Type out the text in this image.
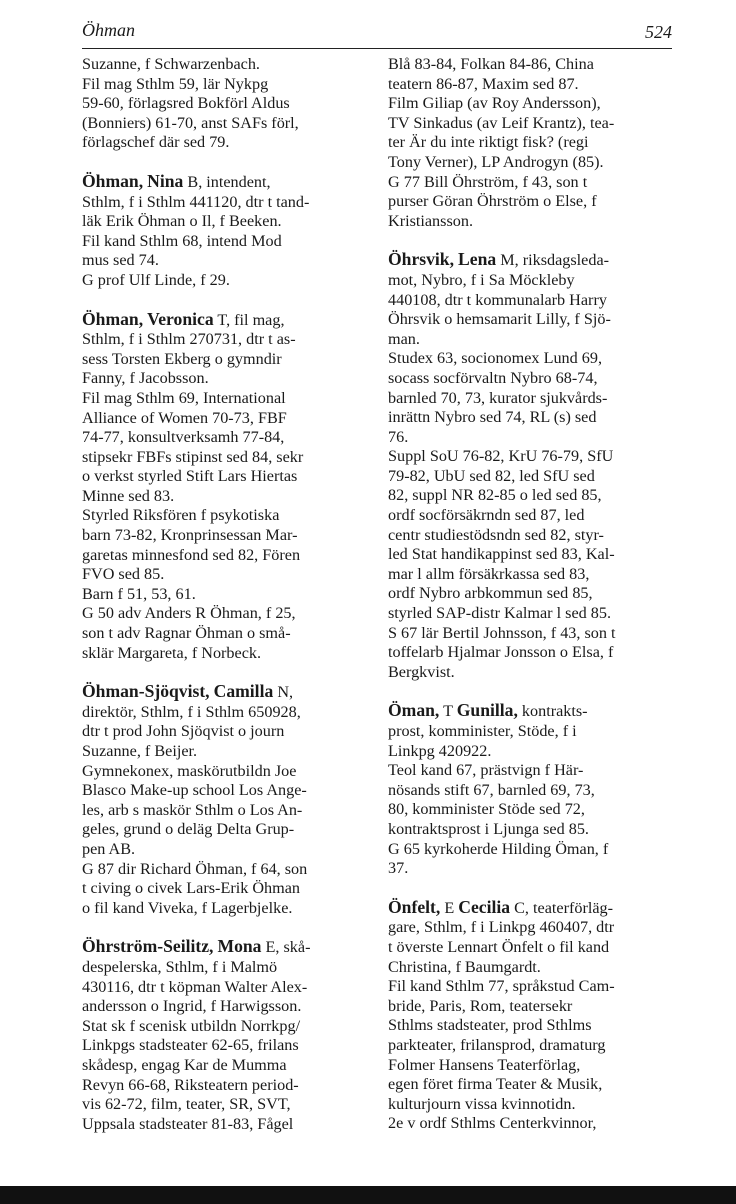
Öhman	524
Suzanne, f Schwarzenbach.
Fil mag Sthlm 59, lär Nykpg
59-60, förlagsred Bokförl Aldus
(Bonniers) 61-70, anst SAFs förl,
förlagschef där sed 79.
Öhman, Nina B, intendent,
Sthlm, f i Sthlm 441120, dtr t tand-
läk Erik Öhman o Il, f Beeken.
Fil kand Sthlm 68, intend Mod
mus sed 74.
G prof Ulf Linde, f 29.
Öhman, Veronica T, fil mag,
Sthlm, f i Sthlm 270731, dtr t as-
sess Torsten Ekberg o gymndir
Fanny, f Jacobsson.
Fil mag Sthlm 69, International
Alliance of Women 70-73, FBF
74-77, konsultverksamh 77-84,
stipsekr FBFs stipinst sed 84, sekr
o verkst styrled Stift Lars Hiertas
Minne sed 83.
Styrled Riksfören f psykotiska
barn 73-82, Kronprinsessan Mar-
garetas minnesfond sed 82, Fören
FVO sed 85.
Barn f 51, 53, 61.
G 50 adv Anders R Öhman, f 25,
son t adv Ragnar Öhman o små-
sklär Margareta, f Norbeck.
Öhman-Sjöqvist, Camilla N,
direktör, Sthlm, f i Sthlm 650928,
dtr t prod John Sjöqvist o journ
Suzanne, f Beijer.
Gymnekonex, maskörutbildn Joe
Blasco Make-up school Los Ange-
les, arb s maskör Sthlm o Los An-
geles, grund o deläg Delta Grup-
pen AB.
G 87 dir Richard Öhman, f 64, son
t civing o civek Lars-Erik Öhman
o fil kand Viveka, f Lagerbjelke.
Öhrström-Seilitz, Mona E, skå-
despelerska, Sthlm, f i Malmö
430116, dtr t köpman Walter Alex-
andersson o Ingrid, f Harwigsson.
Stat sk f scenisk utbildn Norrkpg/
Linkpgs stadsteater 62-65, frilans
skådesp, engag Kar de Mumma
Revyn 66-68, Riksteatern period-
vis 62-72, film, teater, SR, SVT,
Uppsala stadsteater 81-83, Fågel
Blå 83-84, Folkan 84-86, China
teatern 86-87, Maxim sed 87.
Film Giliap (av Roy Andersson),
TV Sinkadus (av Leif Krantz), tea-
ter Är du inte riktigt fisk? (regi
Tony Verner), LP Androgyn (85).
G 77 Bill Öhrström, f 43, son t
purser Göran Öhrström o Else, f
Kristiansson.
Öhrsvik, Lena M, riksdagsleda-
mot, Nybro, f i Sa Möckleby
440108, dtr t kommunalarb Harry
Öhrsvik o hemsamarit Lilly, f Sjö-
man.
Studex 63, socionomex Lund 69,
socass socförvaltn Nybro 68-74,
barnled 70, 73, kurator sjukvårds-
inrättn Nybro sed 74, RL (s) sed
76.
Suppl SoU 76-82, KrU 76-79, SfU
79-82, UbU sed 82, led SfU sed
82, suppl NR 82-85 o led sed 85,
ordf socförsäkrndn sed 87, led
centr studiestödsndn sed 82, styr-
led Stat handikappinst sed 83, Kal-
mar l allm försäkrkassa sed 83,
ordf Nybro arbkommun sed 85,
styrled SAP-distr Kalmar l sed 85.
S 67 lär Bertil Johnsson, f 43, son t
toffelarb Hjalmar Jonsson o Elsa, f
Bergkvist.
Öman, T Gunilla, kontrakts-
prost, komminister, Stöde, f i
Linkpg 420922.
Teol kand 67, prästvign f Här-
nösands stift 67, barnled 69, 73,
80, komminister Stöde sed 72,
kontraktsprost i Ljunga sed 85.
G 65 kyrkoherde Hilding Öman, f
37.
Önfelt, E Cecilia C, teaterförläg-
gare, Sthlm, f i Linkpg 460407, dtr
t överste Lennart Önfelt o fil kand
Christina, f Baumgardt.
Fil kand Sthlm 77, språkstud Cam-
bride, Paris, Rom, teatersekr
Sthlms stadsteater, prod Sthlms
parkteater, frilansprod, dramaturg
Folmer Hansens Teaterförlag,
egen föret firma Teater & Musik,
kulturjourn vissa kvinnotidn.
2e v ordf Sthlms Centerkvinnor,
